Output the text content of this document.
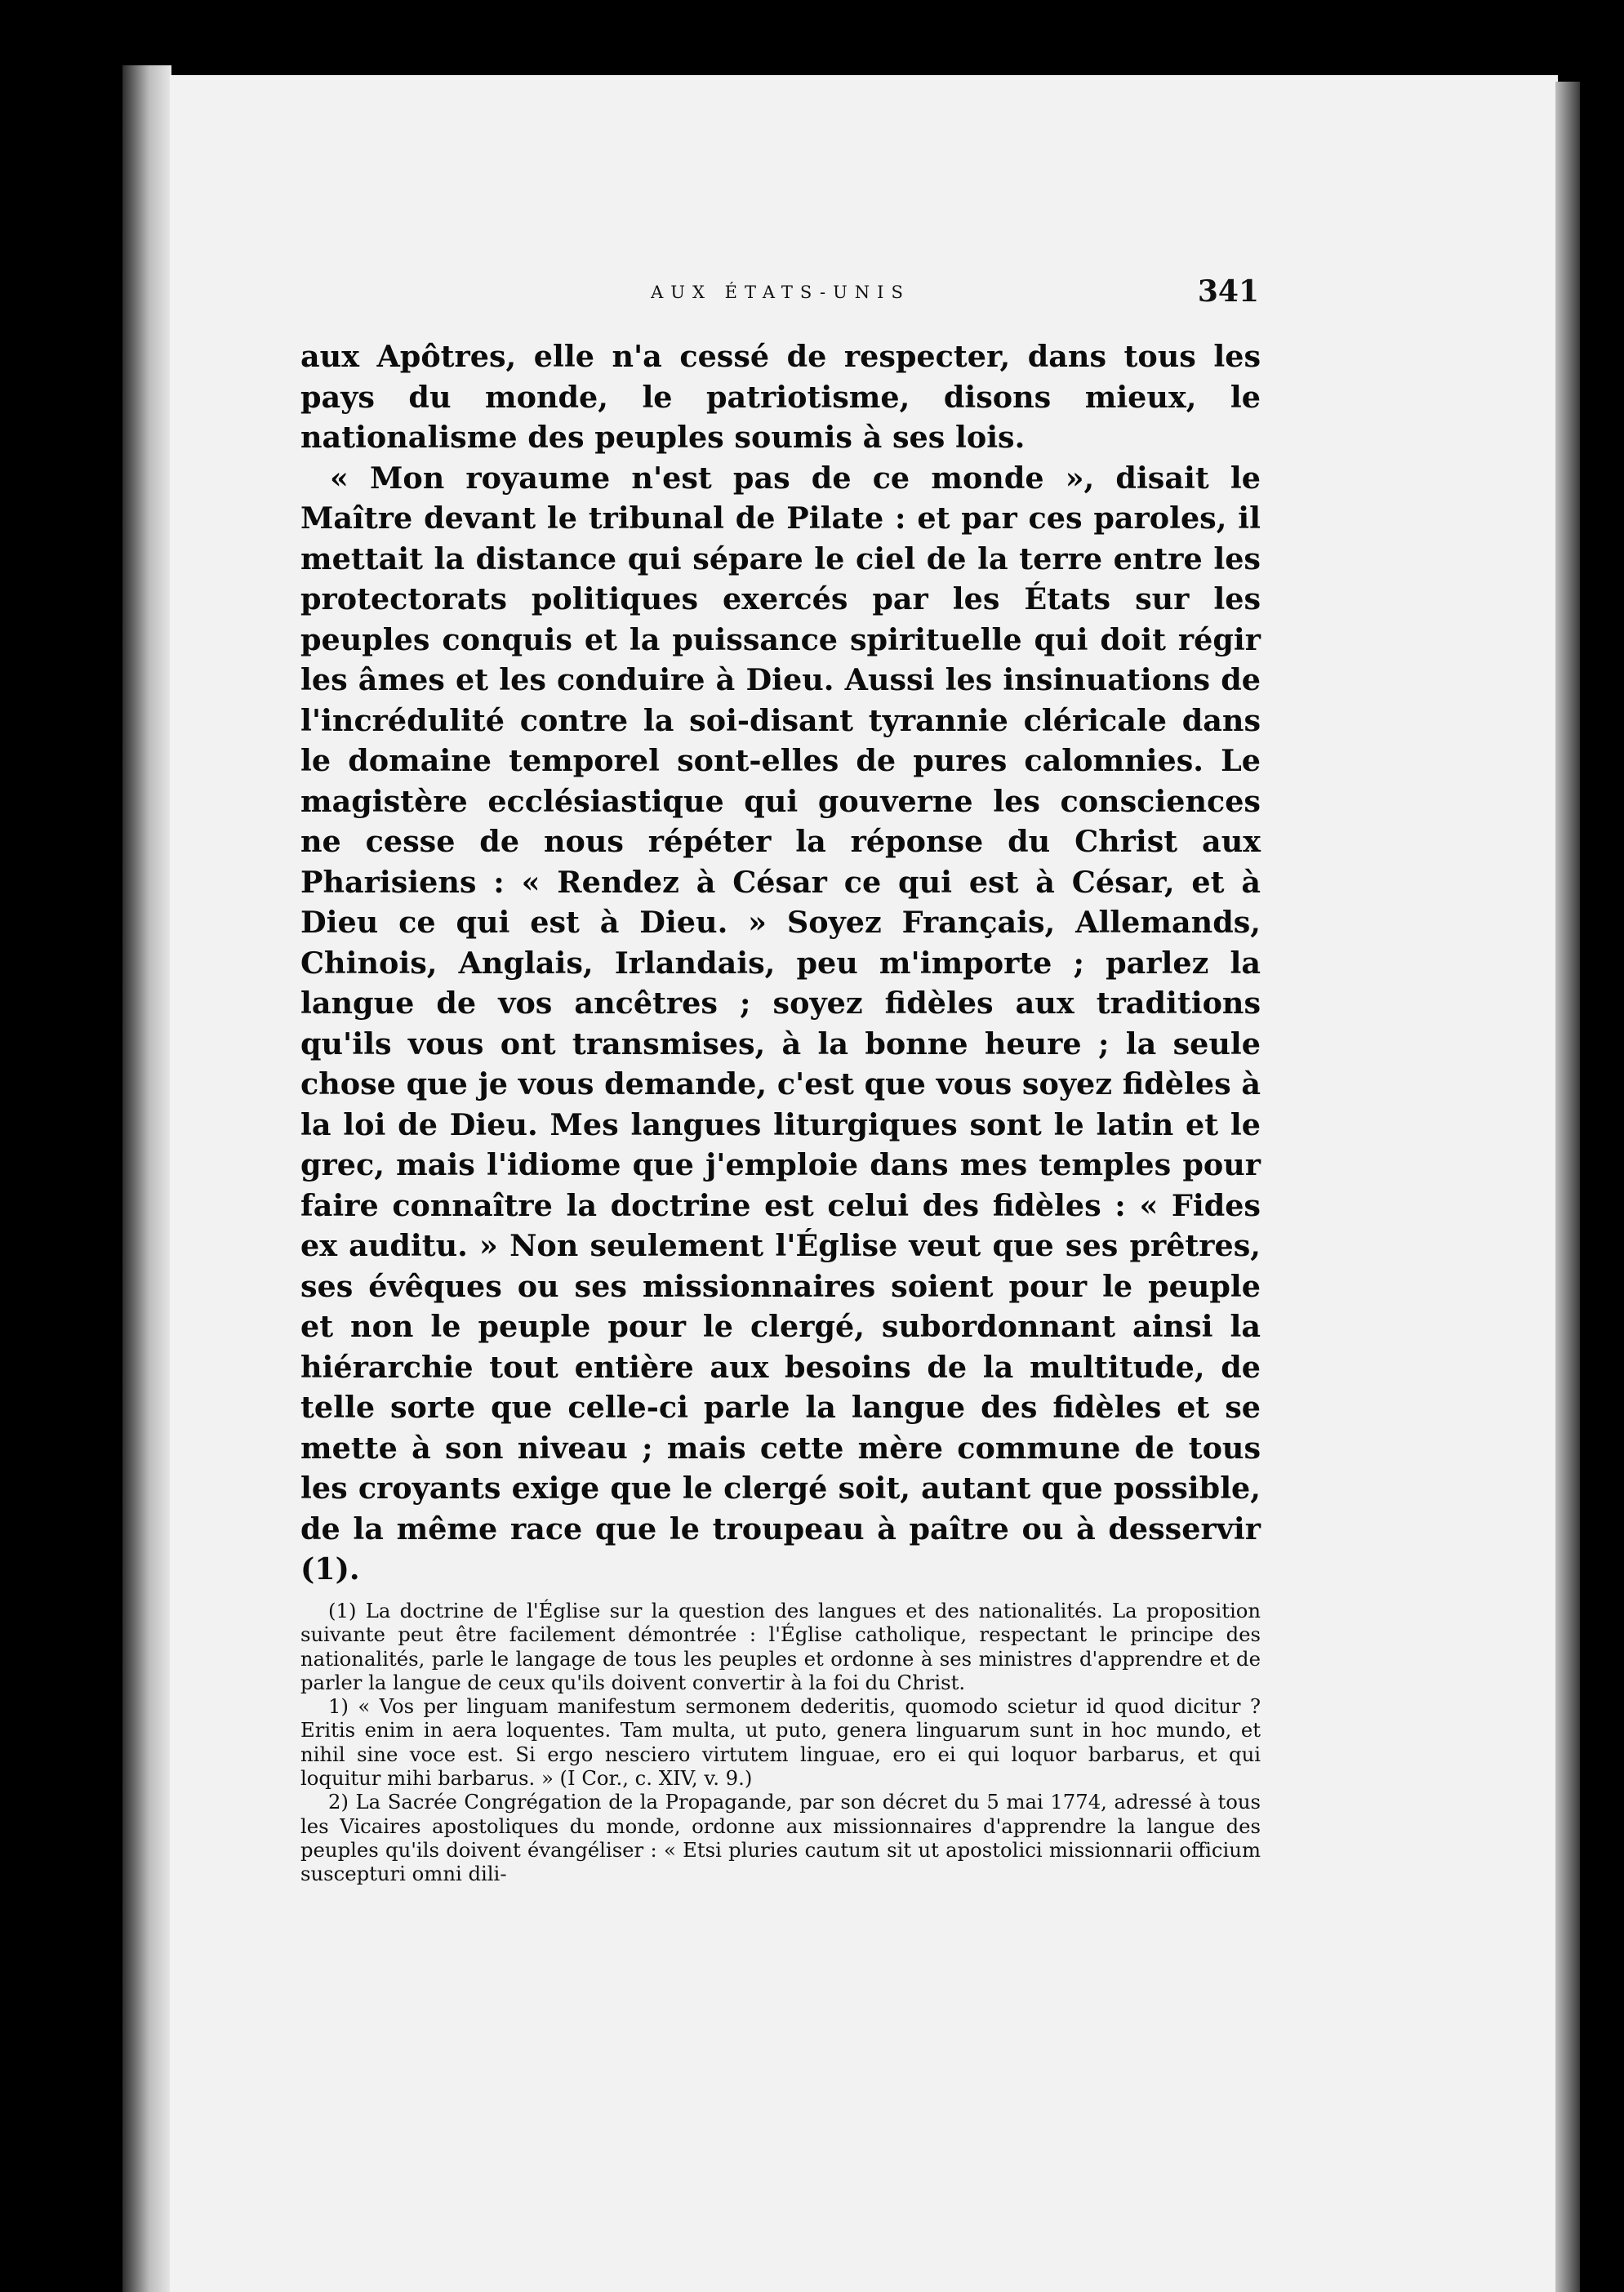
AUX ÉTATS-UNIS	341

aux Apôtres, elle n'a cessé de respecter, dans tous les pays du monde, le patriotisme, disons mieux, le nationalisme des peuples soumis à ses lois.

« Mon royaume n'est pas de ce monde », disait le Maître devant le tribunal de Pilate : et par ces paroles, il mettait la distance qui sépare le ciel de la terre entre les protectorats politiques exercés par les États sur les peuples conquis et la puissance spirituelle qui doit régir les âmes et les conduire à Dieu. Aussi les insinuations de l'incrédulité contre la soi-disant tyrannie cléricale dans le domaine temporel sont-elles de pures calomnies. Le magistère ecclésiastique qui gouverne les consciences ne cesse de nous répéter la réponse du Christ aux Pharisiens : « Rendez à César ce qui est à César, et à Dieu ce qui est à Dieu. » Soyez Français, Allemands, Chinois, Anglais, Irlandais, peu m'importe ; parlez la langue de vos ancêtres ; soyez fidèles aux traditions qu'ils vous ont transmises, à la bonne heure ; la seule chose que je vous demande, c'est que vous soyez fidèles à la loi de Dieu. Mes langues liturgiques sont le latin et le grec, mais l'idiome que j'emploie dans mes temples pour faire connaître la doctrine est celui des fidèles : « Fides ex auditu. » Non seulement l'Église veut que ses prêtres, ses évêques ou ses missionnaires soient pour le peuple et non le peuple pour le clergé, subordonnant ainsi la hiérarchie tout entière aux besoins de la multitude, de telle sorte que celle-ci parle la langue des fidèles et se mette à son niveau ; mais cette mère commune de tous les croyants exige que le clergé soit, autant que possible, de la même race que le troupeau à paître ou à desservir (1).

(1) La doctrine de l'Église sur la question des langues et des nationalités. La proposition suivante peut être facilement démontrée : l'Église catholique, respectant le principe des nationalités, parle le langage de tous les peuples et ordonne à ses ministres d'apprendre et de parler la langue de ceux qu'ils doivent convertir à la foi du Christ.

1) « Vos per linguam manifestum sermonem dederitis, quomodo scietur id quod dicitur ? Eritis enim in aera loquentes. Tam multa, ut puto, genera linguarum sunt in hoc mundo, et nihil sine voce est. Si ergo nesciero virtutem linguae, ero ei qui loquor barbarus, et qui loquitur mihi barbarus. » (I Cor., c. XIV, v. 9.)

2) La Sacrée Congrégation de la Propagande, par son décret du 5 mai 1774, adressé à tous les Vicaires apostoliques du monde, ordonne aux missionnaires d'apprendre la langue des peuples qu'ils doivent évangéliser : « Etsi pluries cautum sit ut apostolici missionnarii officium suscepturi omni dili-
